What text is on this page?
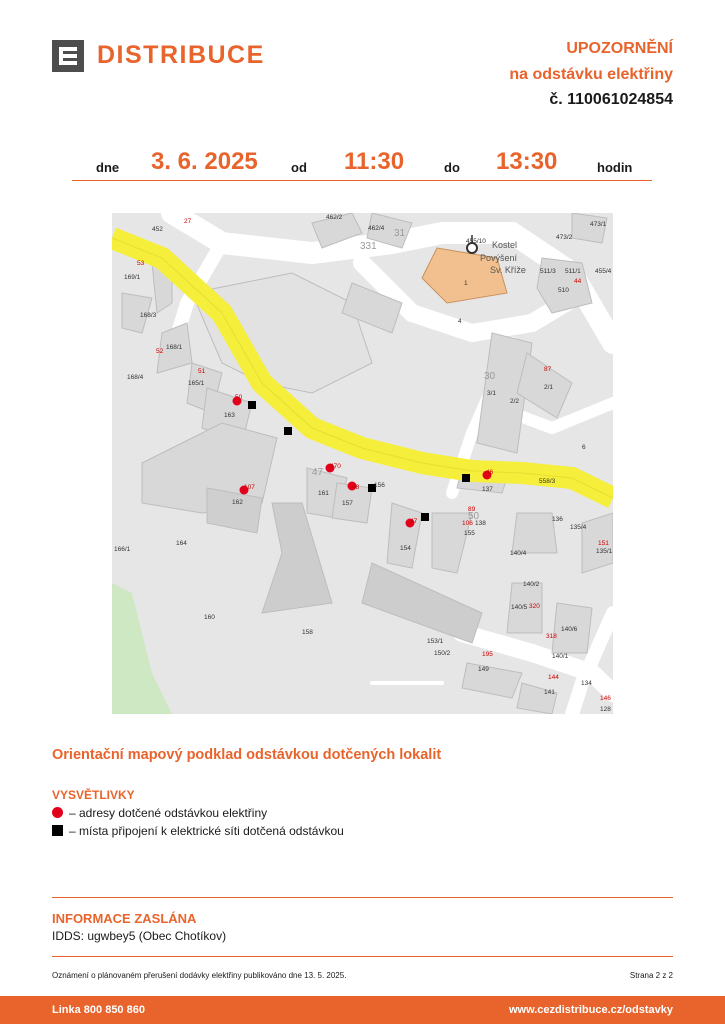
DISTRIBUCE	UPOZORNĚNÍ
na odstávku elektřiny
č. 110061024854
dne 3. 6. 2025	od 11:30	do 13:30	hodin
452
27
462/2
331
462/4 31
473/1
473/2
455/10 Kostel
Povýšení
Sv. Kříže
1
511/3 511/1
44
510
455/4
53
169/1
168/3
52
168/1
168/4
51
165/1
50
163
4
30
3/1
2/2
87
2/1
6
470
47
161
48
157
156
46
137
558/3
107
162
89
50
106 138
155
47
154
136
135/4
151
135/1
166/1
164
140/4
140/2
140/5 320
140/6
160
158
318
153/1
150/2	195
149
140/1
134
144
141
146
128
Orientační mapový podklad odstávkou dotčených lokalit
VYSVĚTLIVKY
– adresy dotčené odstávkou elektřiny
– místa připojení k elektrické síti dotčená odstávkou
INFORMACE ZASLÁNA
IDDS: ugwbey5 (Obec Chotíkov)
Oznámení o plánovaném přerušení dodávky elektřiny publikováno dne 13. 5. 2025.	Strana 2 z 2
Linka 800 850 860	www.cezdistribuce.cz/odstavky
